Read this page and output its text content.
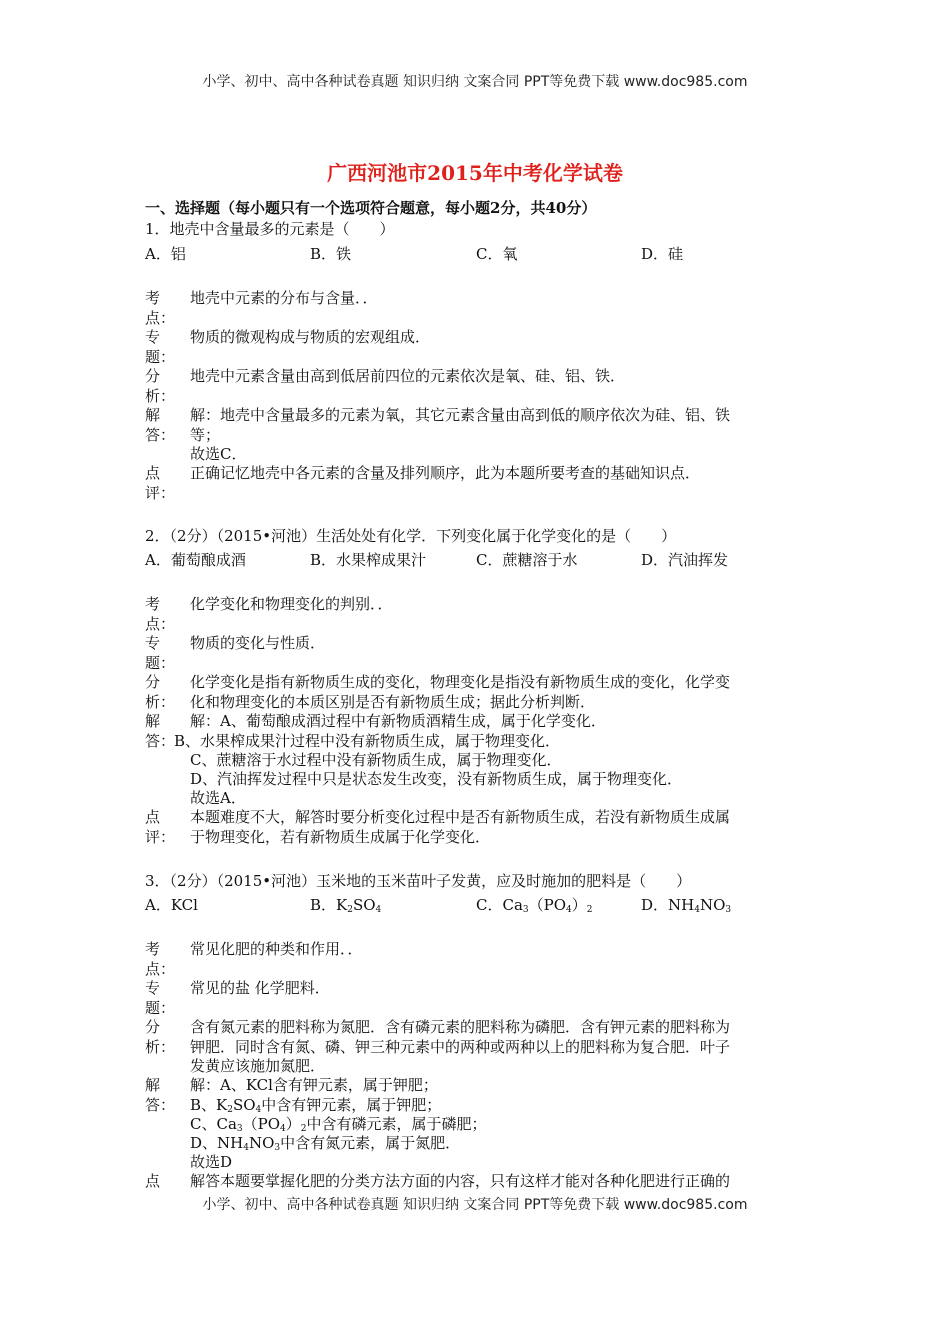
小学、初中、高中各种试卷真题 知识归纳 文案合同 PPT等免费下载 www.doc985.com
广西河池市2015年中考化学试卷
一、选择题（每小题只有一个选项符合题意，每小题2分，共40分）
1．地壳中含量最多的元素是（　　）
A．铝	B．铁	C．氧	D．硅
考
点：
地壳中元素的分布与含量．．
专
题：
物质的微观构成与物质的宏观组成．
分
析：
地壳中元素含量由高到低居前四位的元素依次是氧、硅、铝、铁．
解
答：
解：地壳中含量最多的元素为氧，其它元素含量由高到低的顺序依次为硅、铝、铁
等；
故选C．
点
评：
正确记忆地壳中各元素的含量及排列顺序，此为本题所要考查的基础知识点．
2．（2分）（2015•河池）生活处处有化学．下列变化属于化学变化的是（　　）
A．葡萄酿成酒	B．水果榨成果汁	C．蔗糖溶于水	D．汽油挥发
考
点：
化学变化和物理变化的判别．．
专
题：
物质的变化与性质．
分
析：
化学变化是指有新物质生成的变化，物理变化是指没有新物质生成的变化，化学变
化和物理变化的本质区别是否有新物质生成；据此分析判断．
解
答：
解：A、葡萄酿成酒过程中有新物质酒精生成，属于化学变化．
B、水果榨成果汁过程中没有新物质生成，属于物理变化．
C、蔗糖溶于水过程中没有新物质生成，属于物理变化．
D、汽油挥发过程中只是状态发生改变，没有新物质生成，属于物理变化．
故选A．
点
评：
本题难度不大，解答时要分析变化过程中是否有新物质生成，若没有新物质生成属
于物理变化，若有新物质生成属于化学变化．
3．（2分）（2015•河池）玉米地的玉米苗叶子发黄，应及时施加的肥料是（　　）
A．KCl	B．$K_2SO_4$	C．$Ca_3(PO_4)_2$	D．$NH_4NO_3$
考
点：
常见化肥的种类和作用．．
专
题：
常见的盐 化学肥料．
分
析：
含有氮元素的肥料称为氮肥．含有磷元素的肥料称为磷肥．含有钾元素的肥料称为
钾肥．同时含有氮、磷、钾三种元素中的两种或两种以上的肥料称为复合肥．叶子
发黄应该施加氮肥．
解
答：
解：A、KCl含有钾元素，属于钾肥；
B、$K_2SO_4$中含有钾元素，属于钾肥；
C、$Ca_3(PO_4)_2$中含有磷元素，属于磷肥；
D、$NH_4NO_3$中含有氮元素，属于氮肥．
故选D
点	解答本题要掌握化肥的分类方法方面的内容，只有这样才能对各种化肥进行正确的
小学、初中、高中各种试卷真题 知识归纳 文案合同 PPT等免费下载 www.doc985.com
